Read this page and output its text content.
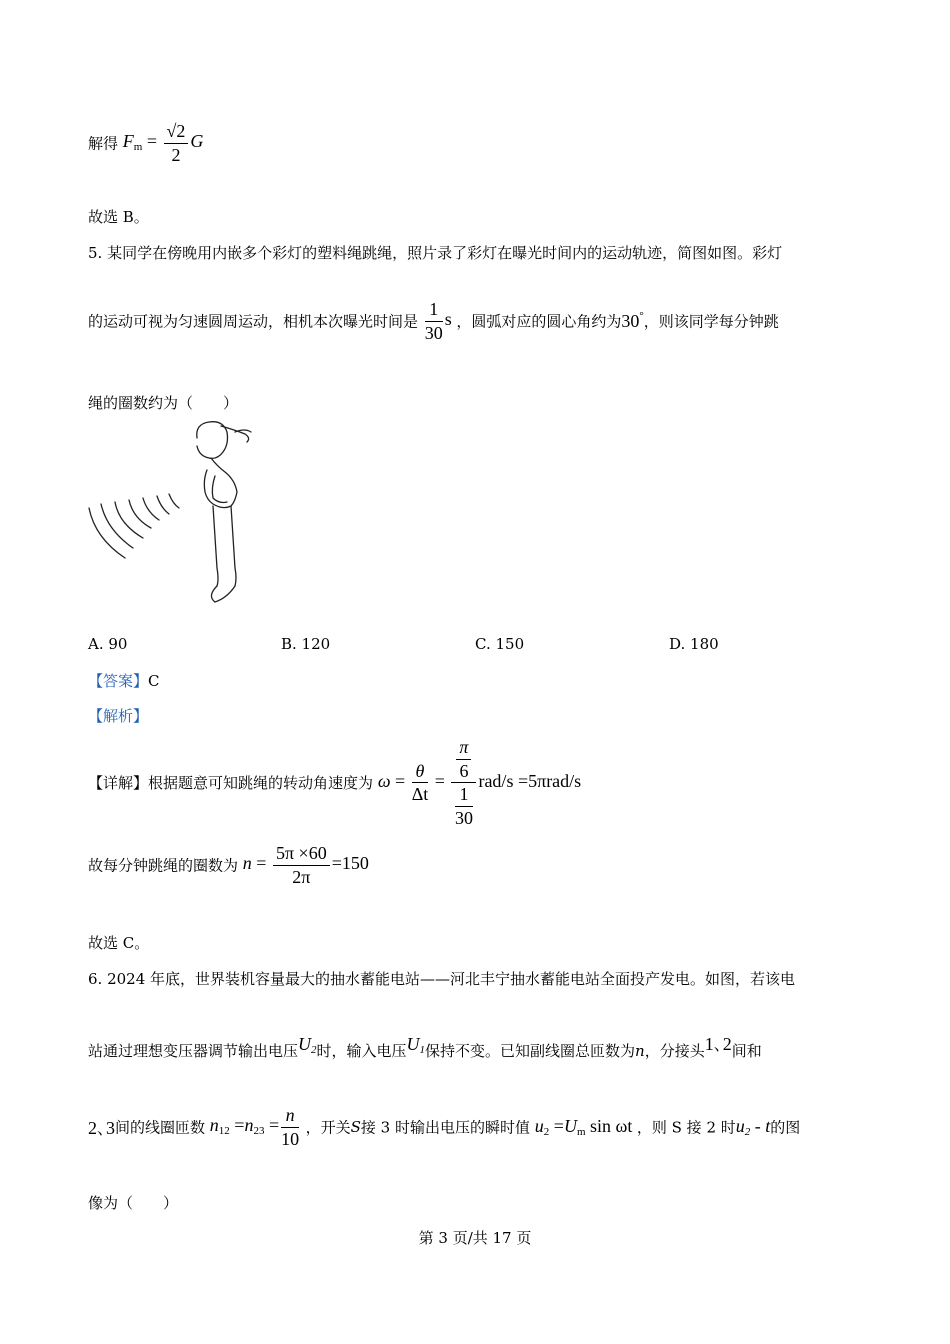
解得 $F_m = \frac{√2}{2}$ G
故选 B。
5. 某同学在傍晚用内嵌多个彩灯的塑料绳跳绳，照片录了彩灯在曝光时间内的运动轨迹，简图如图。彩灯
的运动可视为匀速圆周运动，相机本次曝光时间是 $\frac{1}{30}$ s ，圆弧对应的圆心角约为30°，则该同学每分钟跳
绳的圈数约为（　　）
A. 90	B. 120	C. 150	D. 180
【答案】C
【解析】
【详解】根据题意可知跳绳的转动角速度为 $\omega = \frac{\theta}{\Delta t} = \frac{\frac{\pi}{6}}{\frac{1}{30}} rad/s =5\pi rad/s$
故每分钟跳绳的圈数为 $n = \frac{5\pi \times 60}{2\pi} =150$
故选 C。
6. 2024 年底，世界装机容量最大的抽水蓄能电站——河北丰宁抽水蓄能电站全面投产发电。如图，若该电
站通过理想变压器调节输出电压$U_2$时，输入电压$U_1$保持不变。已知副线圈总匝数为n，分接头1､2间和
2､3间的线圈匝数 $n_{12} =n_{23} = \frac{n}{10}$ ，开关S接 3 时输出电压的瞬时值 $u_2 =U_m$ sin ωt ，则 S 接 2 时$u_2$ - t的图
像为（　　）
第 3 页/共 17 页
